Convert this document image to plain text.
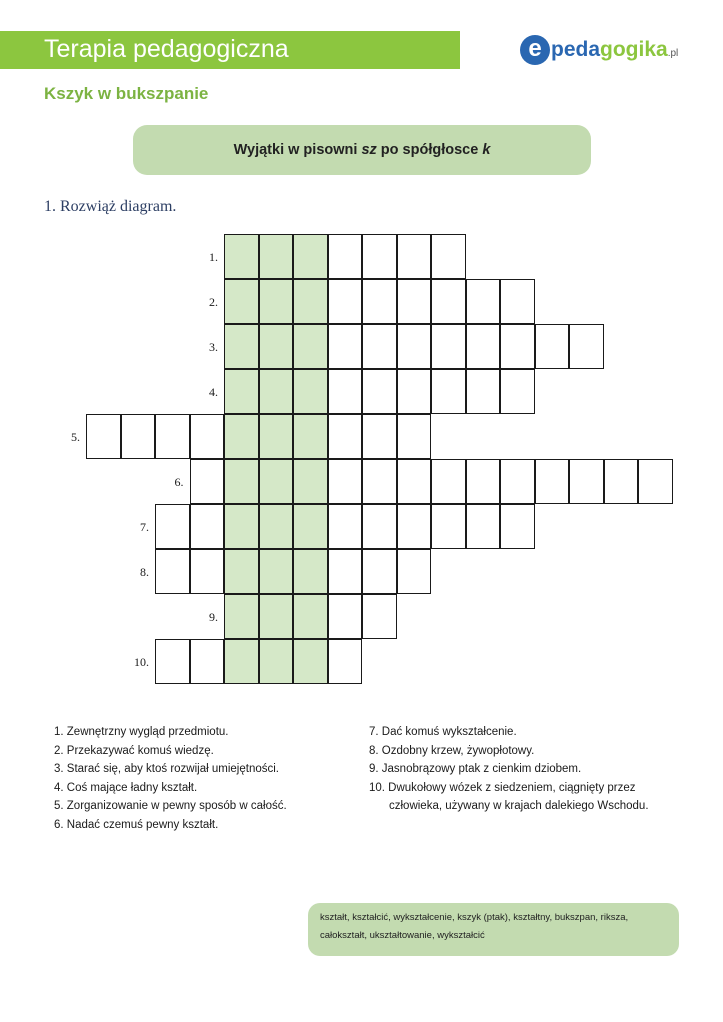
Terapia pedagogiczna	e pedagogika.pl
Kszyk w bukszpanie
Wyjątki w pisowni sz po spółgłosce k
1. Rozwiąż diagram.
1.
2.
3.
4.
5.
6.
7.
8.
9.
10.
1. Zewnętrzny wygląd przedmiotu.
2. Przekazywać komuś wiedzę.
3. Starać się, aby ktoś rozwijał umiejętności.
4. Coś mające ładny kształt.
5. Zorganizowanie w pewny sposób w całość.
6. Nadać czemuś pewny kształt.
7. Dać komuś wykształcenie.
8. Ozdobny krzew, żywopłotowy.
9. Jasnobrązowy ptak z cienkim dziobem.
10. Dwukołowy wózek z siedzeniem, ciągnięty przez
człowieka, używany w krajach dalekiego Wschodu.
kształt, kształcić, wykształcenie, kszyk (ptak), kształtny, bukszpan, riksza,
całokształt, ukształtowanie, wykształcić
